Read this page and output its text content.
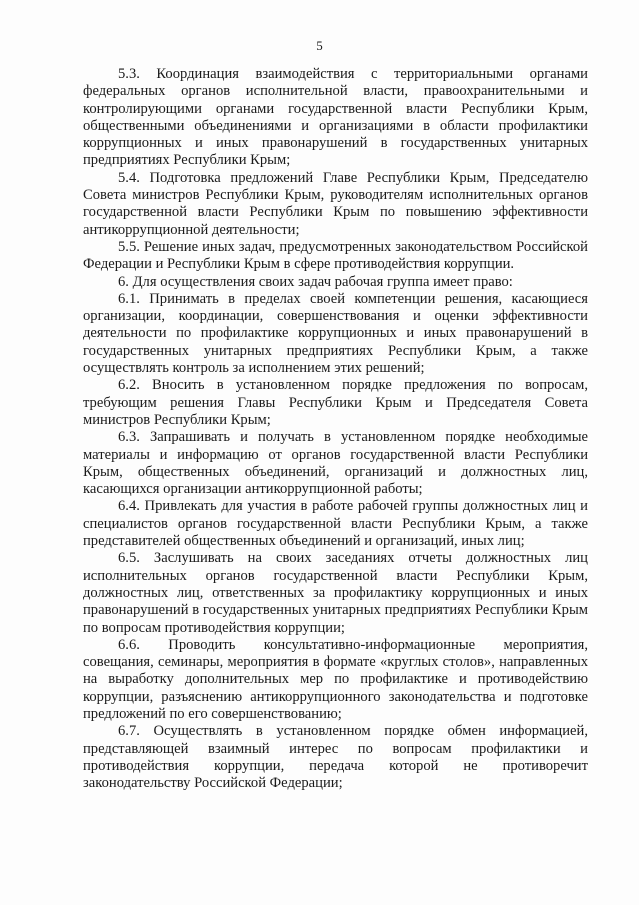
5

5.3. Координация взаимодействия с территориальными органами федеральных органов исполнительной власти, правоохранительными и контролирующими органами государственной власти Республики Крым, общественными объединениями и организациями в области профилактики коррупционных и иных правонарушений в государственных унитарных предприятиях Республики Крым;

5.4. Подготовка предложений Главе Республики Крым, Председателю Совета министров Республики Крым, руководителям исполнительных органов государственной власти Республики Крым по повышению эффективности антикоррупционной деятельности;

5.5. Решение иных задач, предусмотренных законодательством Российской Федерации и Республики Крым в сфере противодействия коррупции.

6. Для осуществления своих задач рабочая группа имеет право:

6.1. Принимать в пределах своей компетенции решения, касающиеся организации, координации, совершенствования и оценки эффективности деятельности по профилактике коррупционных и иных правонарушений в государственных унитарных предприятиях Республики Крым, а также осуществлять контроль за исполнением этих решений;

6.2. Вносить в установленном порядке предложения по вопросам, требующим решения Главы Республики Крым и Председателя Совета министров Республики Крым;

6.3. Запрашивать и получать в установленном порядке необходимые материалы и информацию от органов государственной власти Республики Крым, общественных объединений, организаций и должностных лиц, касающихся организации антикоррупционной работы;

6.4. Привлекать для участия в работе рабочей группы должностных лиц и специалистов органов государственной власти Республики Крым, а также представителей общественных объединений и организаций, иных лиц;

6.5. Заслушивать на своих заседаниях отчеты должностных лиц исполнительных органов государственной власти Республики Крым, должностных лиц, ответственных за профилактику коррупционных и иных правонарушений в государственных унитарных предприятиях Республики Крым по вопросам противодействия коррупции;

6.6. Проводить консультативно-информационные мероприятия, совещания, семинары, мероприятия в формате «круглых столов», направленных на выработку дополнительных мер по профилактике и противодействию коррупции, разъяснению антикоррупционного законодательства и подготовке предложений по его совершенствованию;

6.7. Осуществлять в установленном порядке обмен информацией, представляющей взаимный интерес по вопросам профилактики и противодействия коррупции, передача которой не противоречит законодательству Российской Федерации;
